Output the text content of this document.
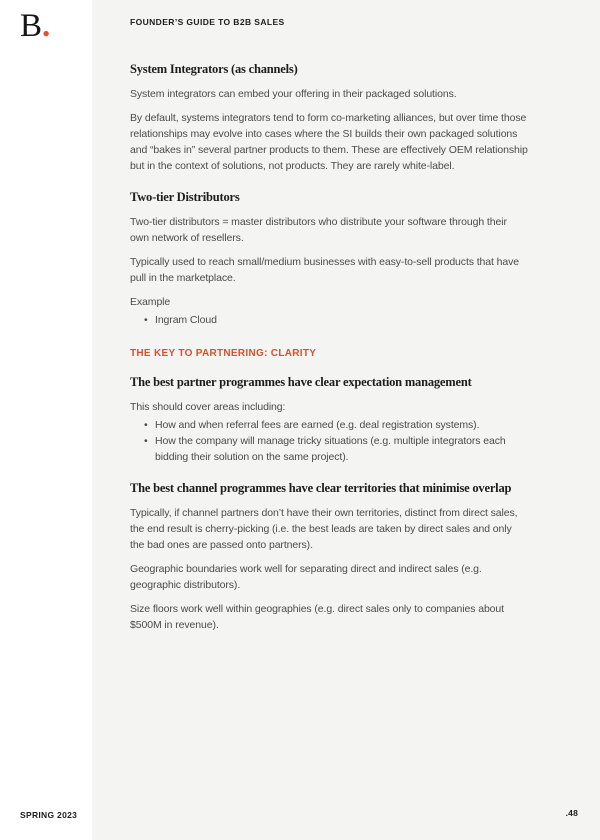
B.	FOUNDER’S GUIDE TO B2B SALES
System Integrators (as channels)

System integrators can embed your offering in their packaged solutions.

By default, systems integrators tend to form co-marketing alliances, but over time those relationships may evolve into cases where the SI builds their own packaged solutions and “bakes in” several partner products to them. These are effectively OEM relationship but in the context of solutions, not products. They are rarely white-label.

Two-tier Distributors

Two-tier distributors = master distributors who distribute your software through their own network of resellers.

Typically used to reach small/medium businesses with easy-to-sell products that have pull in the marketplace.

Example

• Ingram Cloud
THE KEY TO PARTNERING: CLARITY
The best partner programmes have clear expectation management

This should cover areas including:

• How and when referral fees are earned (e.g. deal registration systems).
• How the company will manage tricky situations (e.g. multiple integrators each bidding their solution on the same project).
The best channel programmes have clear territories that minimise overlap

Typically, if channel partners don’t have their own territories, distinct from direct sales, the end result is cherry-picking (i.e. the best leads are taken by direct sales and only the bad ones are passed onto partners).

Geographic boundaries work well for separating direct and indirect sales (e.g. geographic distributors).

Size floors work well within geographies (e.g. direct sales only to companies about $500M in revenue).

SPRING 2023	.48
